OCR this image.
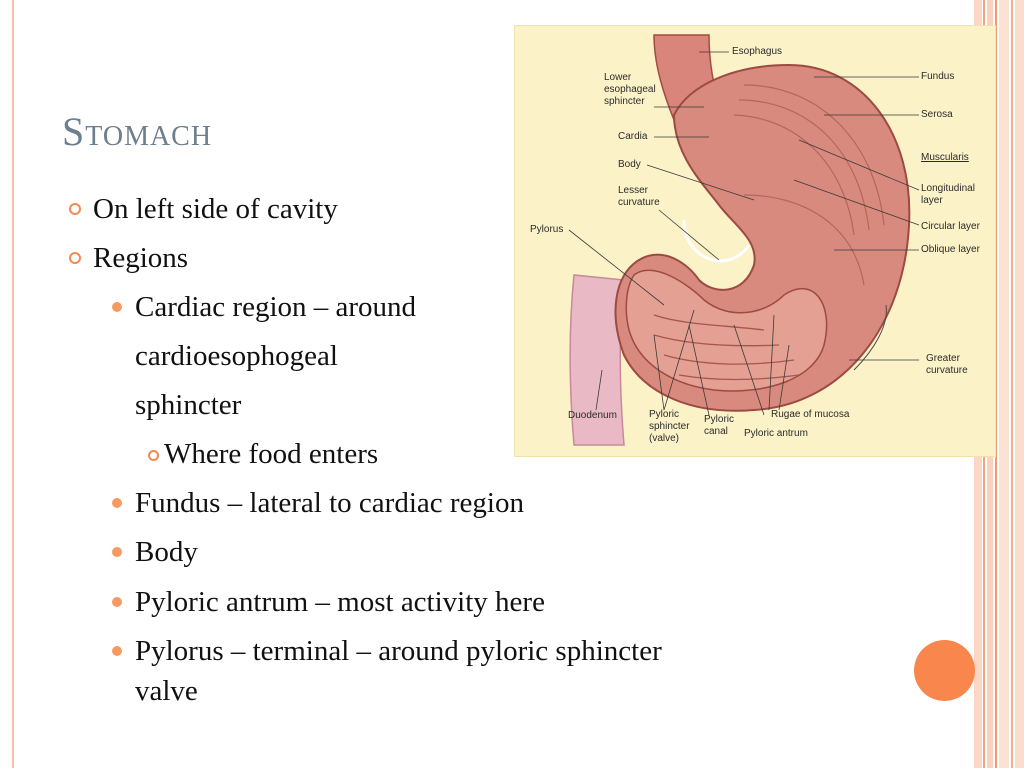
Stomach
On left side of cavity
Regions
Cardiac region – around
cardioesophogeal
sphincter
Where food enters
Fundus – lateral to cardiac region
Body
Pyloric antrum – most activity here
Pylorus – terminal – around pyloric sphincter
valve
Esophagus
Fundus
Serosa
Muscularis
Longitudinal
layer
Circular layer
Oblique layer
Greater
curvature
Lower
esophageal
sphincter
Cardia
Body
Lesser
curvature
Pylorus
Duodenum	Pyloric
sphincter
(valve)
Pyloric
canal	Pyloric antrum
Rugae of mucosa
